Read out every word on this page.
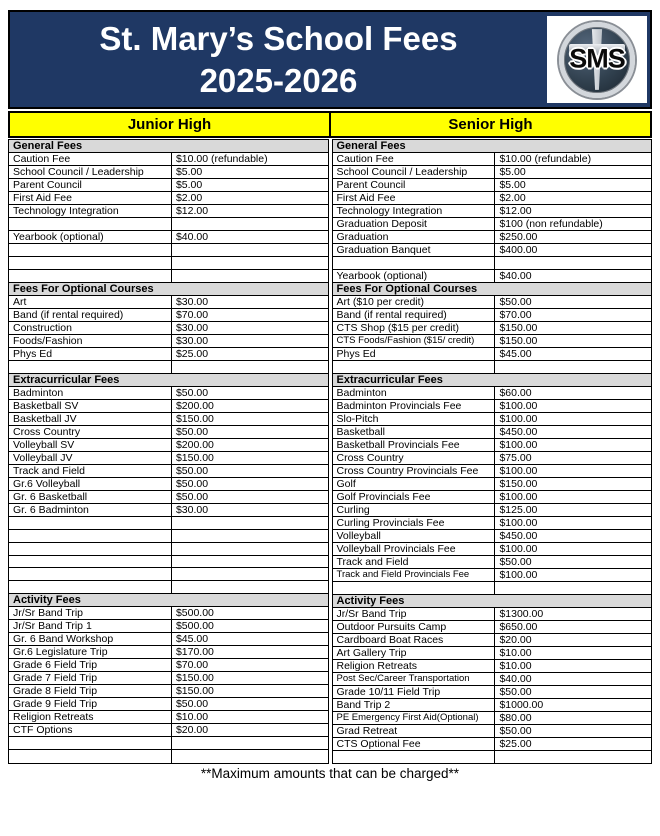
St. Mary’s School Fees
2025-2026
SMS
Junior High	Senior High
General Fees	
Caution Fee	$10.00 (refundable)
School Council / Leadership	$5.00
Parent Council	$5.00
First Aid Fee	$2.00
Technology Integration	$12.00

Yearbook (optional)	$40.00

Fees For Optional Courses	
Art	$30.00
Band (if rental required)	$70.00
Construction	$30.00
Foods/Fashion	$30.00
Phys Ed	$25.00

Extracurricular Fees	
Badminton	$50.00
Basketball SV	$200.00
Basketball JV	$150.00
Cross Country	$50.00
Volleyball SV	$200.00
Volleyball JV	$150.00
Track and Field	$50.00
Gr.6 Volleyball	$50.00
Gr. 6 Basketball	$50.00
Gr. 6 Badminton	$30.00

Activity Fees	
Jr/Sr Band Trip	$500.00
Jr/Sr Band Trip 1	$500.00
Gr. 6 Band Workshop	$45.00
Gr.6 Legislature Trip	$170.00
Grade 6 Field Trip	$70.00
Grade 7 Field Trip	$150.00
Grade 8 Field Trip	$150.00
Grade 9 Field Trip	$50.00
Religion Retreats	$10.00
CTF Options	$20.00

General Fees	
Caution Fee	$10.00 (refundable)
School Council / Leadership	$5.00
Parent Council	$5.00
First Aid Fee	$2.00
Technology Integration	$12.00
Graduation Deposit	$100 (non refundable)
Graduation	$250.00
Graduation Banquet	$400.00

Yearbook (optional)	$40.00
Fees For Optional Courses	
Art ($10 per credit)	$50.00
Band (if rental required)	$70.00
CTS Shop ($15 per credit)	$150.00
CTS Foods/Fashion ($15/ credit)	$150.00
Phys Ed	$45.00

Extracurricular Fees	
Badminton	$60.00
Badminton Provincials Fee	$100.00
Slo-Pitch	$100.00
Basketball	$450.00
Basketball Provincials Fee	$100.00
Cross Country	$75.00
Cross Country Provincials Fee	$100.00
Golf	$150.00
Golf Provincials Fee	$100.00
Curling	$125.00
Curling Provincials Fee	$100.00
Volleyball	$450.00
Volleyball Provincials Fee	$100.00
Track and Field	$50.00
Track and Field Provincials Fee	$100.00

Activity Fees	
Jr/Sr Band Trip	$1300.00
Outdoor Pursuits Camp	$650.00
Cardboard Boat Races	$20.00
Art Gallery Trip	$10.00
Religion Retreats	$10.00
Post Sec/Career Transportation	$40.00
Grade 10/11 Field Trip	$50.00
Band Trip 2	$1000.00
PE Emergency First Aid(Optional)	$80.00
Grad Retreat	$50.00
CTS Optional Fee	$25.00

**Maximum amounts that can be charged**
